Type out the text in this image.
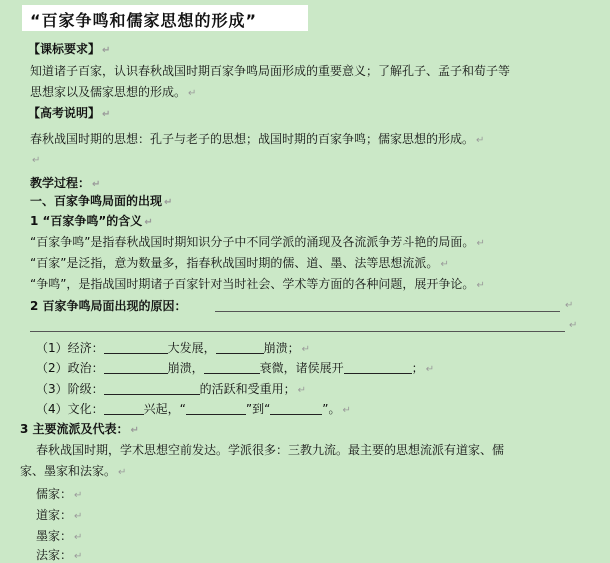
“百家争鸣和儒家思想的形成”
【课标要求】 ↵
知道诸子百家，认识春秋战国时期百家争鸣局面形成的重要意义；了解孔子、孟子和荀子等
思想家以及儒家思想的形成。 ↵
【高考说明】 ↵
春秋战国时期的思想：孔子与老子的思想；战国时期的百家争鸣；儒家思想的形成。 ↵
↵
教学过程： ↵
一、百家争鸣局面的出现 ↵
1 “百家争鸣”的含义 ↵
“百家争鸣”是指春秋战国时期知识分子中不同学派的涌现及各流派争芳斗艳的局面。 ↵
“百家”是泛指，意为数量多，指春秋战国时期的儒、道、墨、法等思想流派。 ↵
“争鸣”，是指战国时期诸子百家针对当时社会、学术等方面的各种问题，展开争论。 ↵
2 百家争鸣局面出现的原因：	↵
↵
（1）经济：	大发展，	崩溃； ↵
（2）政治：	崩溃，	衰微，诸侯展开	； ↵
（3）阶级：	的活跃和受重用； ↵
（4）文化：	兴起，“	”到“	”。 ↵
3 主要流派及代表： ↵
春秋战国时期，学术思想空前发达。学派很多：三教九流。最主要的思想流派有道家、儒
家、墨家和法家。 ↵
儒家： ↵
道家： ↵
墨家： ↵
法家： ↵
